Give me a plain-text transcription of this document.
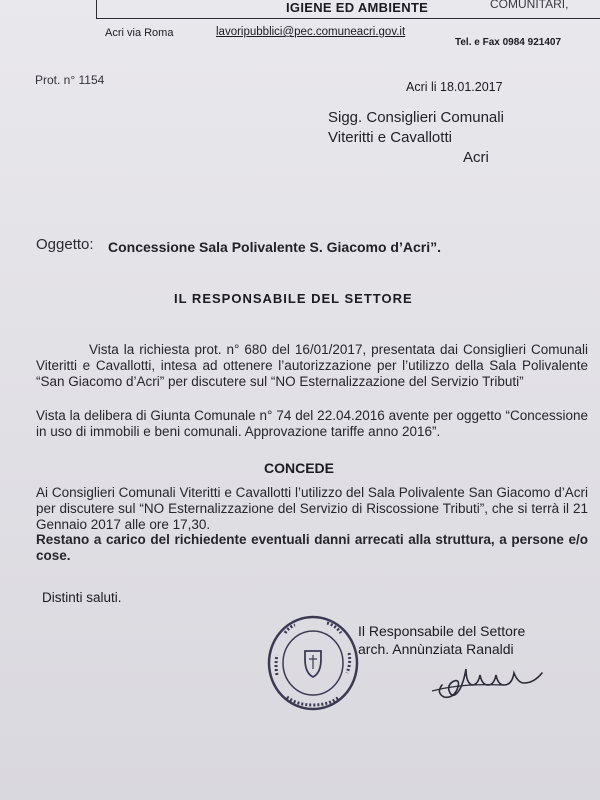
IGIENE ED AMBIENTE	COMUNITARI,
Acri via Roma	lavoripubblici@pec.comuneacri.gov.it
Tel. e Fax 0984 921407
Prot. n° 1154	Acri li 18.01.2017
Sigg. Consiglieri Comunali
Viteritti e Cavallotti
Acri
Oggetto: Concessione Sala Polivalente S. Giacomo d’Acri”.
IL RESPONSABILE DEL SETTORE
Vista la richiesta prot. n° 680 del 16/01/2017, presentata dai Consiglieri Comunali Viteritti e Cavallotti, intesa ad ottenere l’autorizzazione per l’utilizzo della Sala Polivalente “San Giacomo d’Acri” per discutere sul “NO Esternalizzazione del Servizio Tributi”
Vista la delibera di Giunta Comunale n° 74 del 22.04.2016 avente per oggetto “Concessione in uso di immobili e beni comunali. Approvazione tariffe anno 2016”.
CONCEDE
Ai Consiglieri Comunali Viteritti e Cavallotti l’utilizzo del Sala Polivalente San Giacomo d’Acri per discutere sul “NO Esternalizzazione del Servizio di Riscossione Tributi”, che si terrà il 21 Gennaio 2017 alle ore 17,30.
Restano a carico del richiedente eventuali danni arrecati alla struttura, a persone e/o cose.
Distinti saluti.
Il Responsabile del Settore
arch. Annùnziata Ranaldi
